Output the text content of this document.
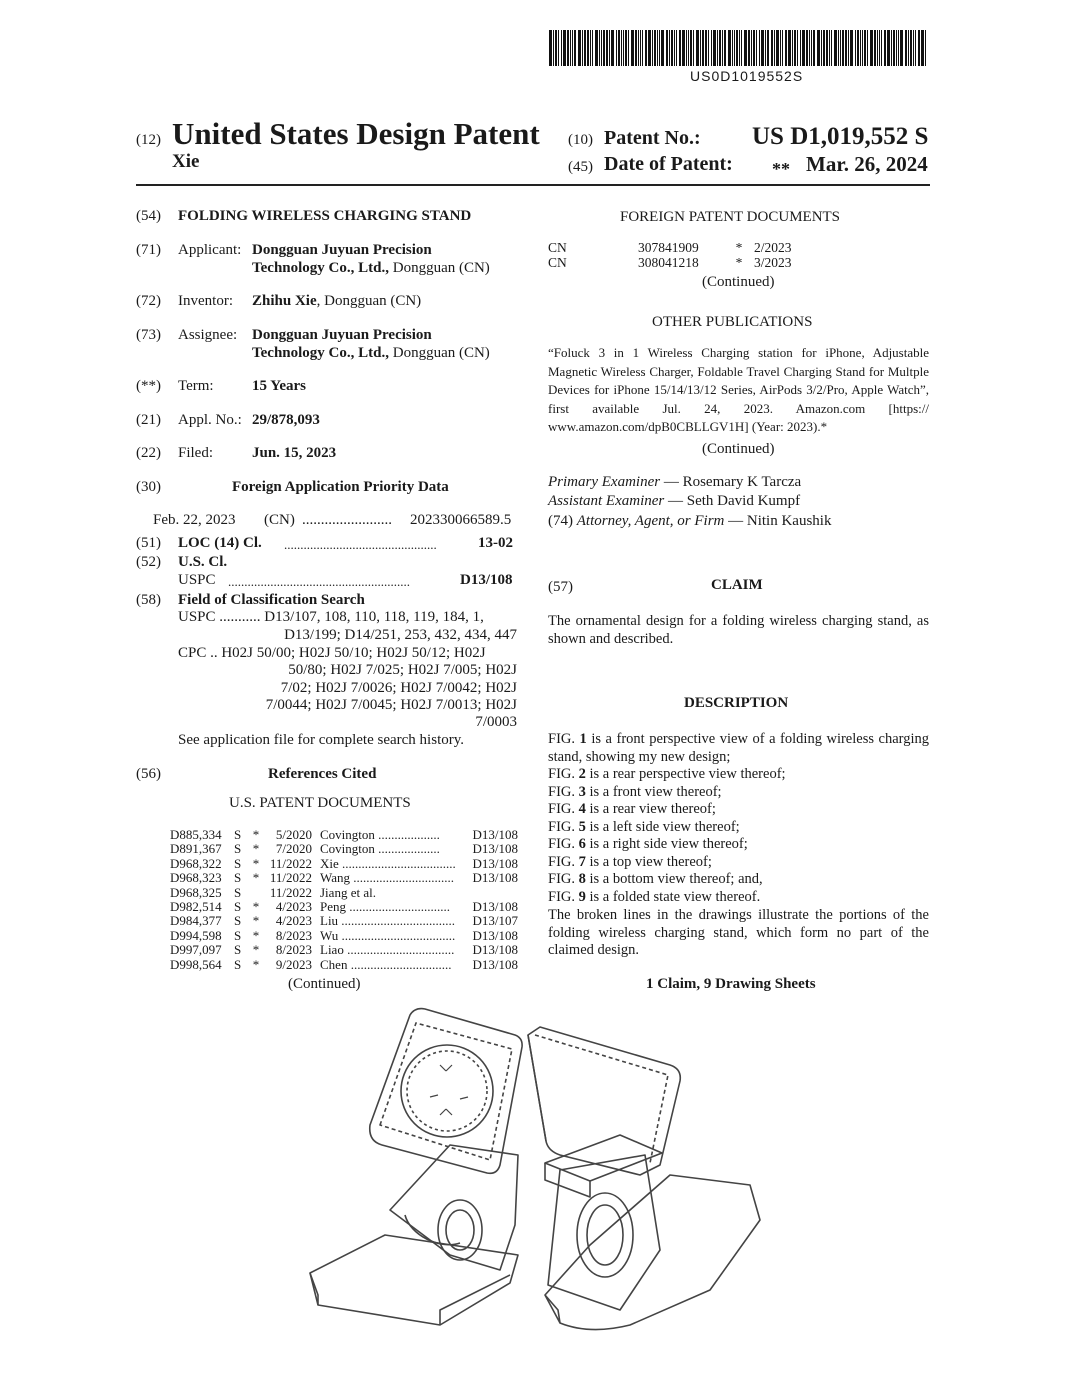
US0D1019552S
(12) United States Design Patent
Xie
(10) Patent No.: US D1,019,552 S
(45) Date of Patent: ** Mar. 26, 2024
(54) FOLDING WIRELESS CHARGING STAND
(71) Applicant: Dongguan Juyuan Precision
Technology Co., Ltd., Dongguan (CN)
(72) Inventor: Zhihu Xie, Dongguan (CN)
(73) Assignee: Dongguan Juyuan Precision
Technology Co., Ltd., Dongguan (CN)
(**) Term:	15 Years
(21) Appl. No.: 29/878,093
(22) Filed:	Jun. 15, 2023
(30)	Foreign Application Priority Data
Feb. 22, 2023 (CN) ........................ 202330066589.5
(51) LOC (14) Cl. ...............................................	13-02
(52) U.S. Cl.
USPC ........................................................	D13/108
(58) Field of Classification Search
USPC ........... D13/107, 108, 110, 118, 119, 184, 1,
D13/199; D14/251, 253, 432, 434, 447
CPC .. H02J 50/00; H02J 50/10; H02J 50/12; H02J
50/80; H02J 7/025; H02J 7/005; H02J
7/02; H02J 7/0026; H02J 7/0042; H02J
7/0044; H02J 7/0045; H02J 7/0013; H02J
7/0003
See application file for complete search history.
(56)	References Cited
U.S. PATENT DOCUMENTS
D885,334 S *	5/2020 Covington ...................	D13/108
D891,367 S *	7/2020 Covington ...................	D13/108
D968,322 S * 11/2022 Xie ...................................	D13/108
D968,323 S * 11/2022 Wang ...............................	D13/108
D968,325 S	11/2022 Jiang et al.
D982,514 S *	4/2023 Peng ...............................	D13/108
D984,377 S *	4/2023 Liu ...................................	D13/107
D994,598 S *	8/2023 Wu ...................................	D13/108
D997,097 S *	8/2023 Liao .................................	D13/108
D998,564 S *	9/2023 Chen ...............................	D13/108
(Continued)
FOREIGN PATENT DOCUMENTS
CN	307841909	* 2/2023
CN	308041218	* 3/2023
(Continued)
OTHER PUBLICATIONS
“Foluck 3 in 1 Wireless Charging station for iPhone, Adjustable Magnetic Wireless Charger, Foldable Travel Charging Stand for Multple Devices for iPhone 15/14/13/12 Series, AirPods 3/2/Pro, Apple Watch”, first available Jul. 24, 2023. Amazon.com [https:// www.amazon.com/dpB0CBLLGV1H] (Year: 2023).*
(Continued)
Primary Examiner — Rosemary K Tarcza
Assistant Examiner — Seth David Kumpf
(74) Attorney, Agent, or Firm — Nitin Kaushik
(57)	CLAIM
The ornamental design for a folding wireless charging stand, as shown and described.
DESCRIPTION
FIG. 1 is a front perspective view of a folding wireless charging stand, showing my new design;
FIG. 2 is a rear perspective view thereof;
FIG. 3 is a front view thereof;
FIG. 4 is a rear view thereof;
FIG. 5 is a left side view thereof;
FIG. 6 is a right side view thereof;
FIG. 7 is a top view thereof;
FIG. 8 is a bottom view thereof; and,
FIG. 9 is a folded state view thereof.
The broken lines in the drawings illustrate the portions of the folding wireless charging stand, which form no part of the claimed design.
1 Claim, 9 Drawing Sheets
